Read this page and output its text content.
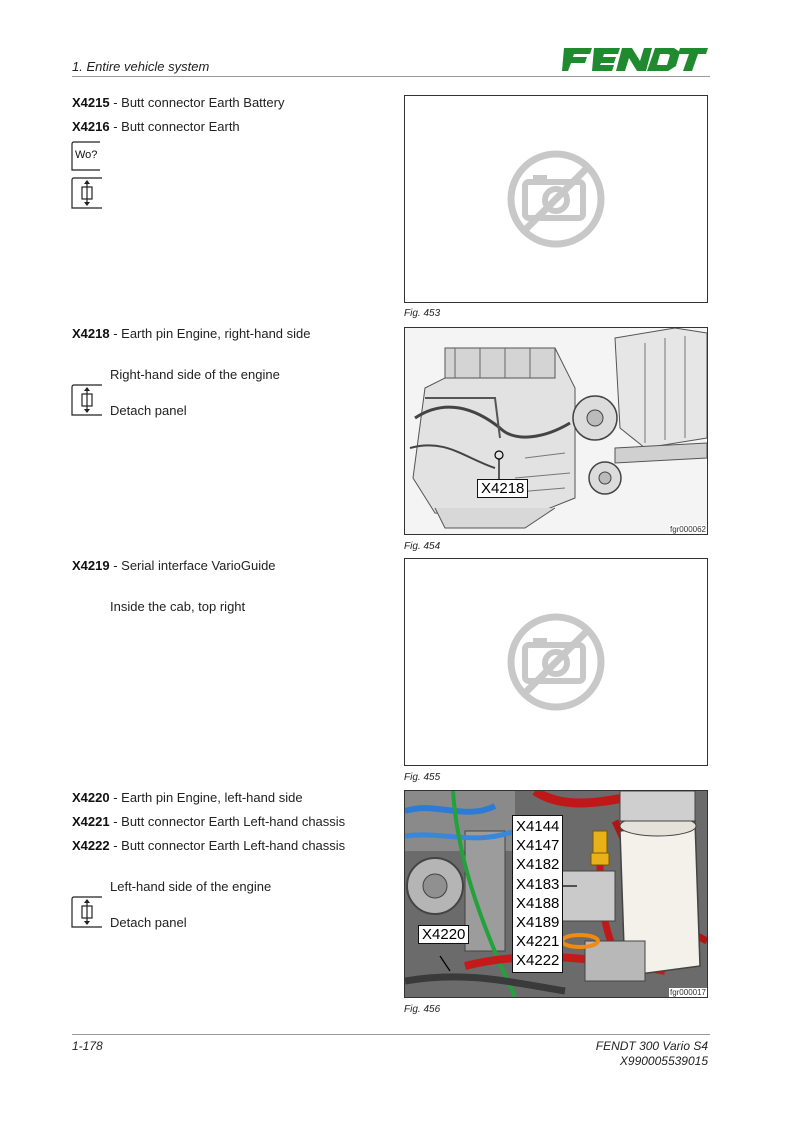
1. Entire vehicle system
X4215 - Butt connector Earth Battery
X4216 - Butt connector Earth
Wo?
Fig. 453
X4218 - Earth pin Engine, right-hand side
Right-hand side of the engine
Detach panel
X4218
fgr000062
Fig. 454
X4219 - Serial interface VarioGuide
Inside the cab, top right
Fig. 455
X4220 - Earth pin Engine, left-hand side
X4221 - Butt connector Earth Left-hand chassis
X4222 - Butt connector Earth Left-hand chassis
Left-hand side of the engine
Detach panel
X4144
X4147
X4182
X4183
X4188
X4189
X4221
X4222
X4220
fgr000017
Fig. 456
1-178	FENDT 300 Vario S4
X990005539015
